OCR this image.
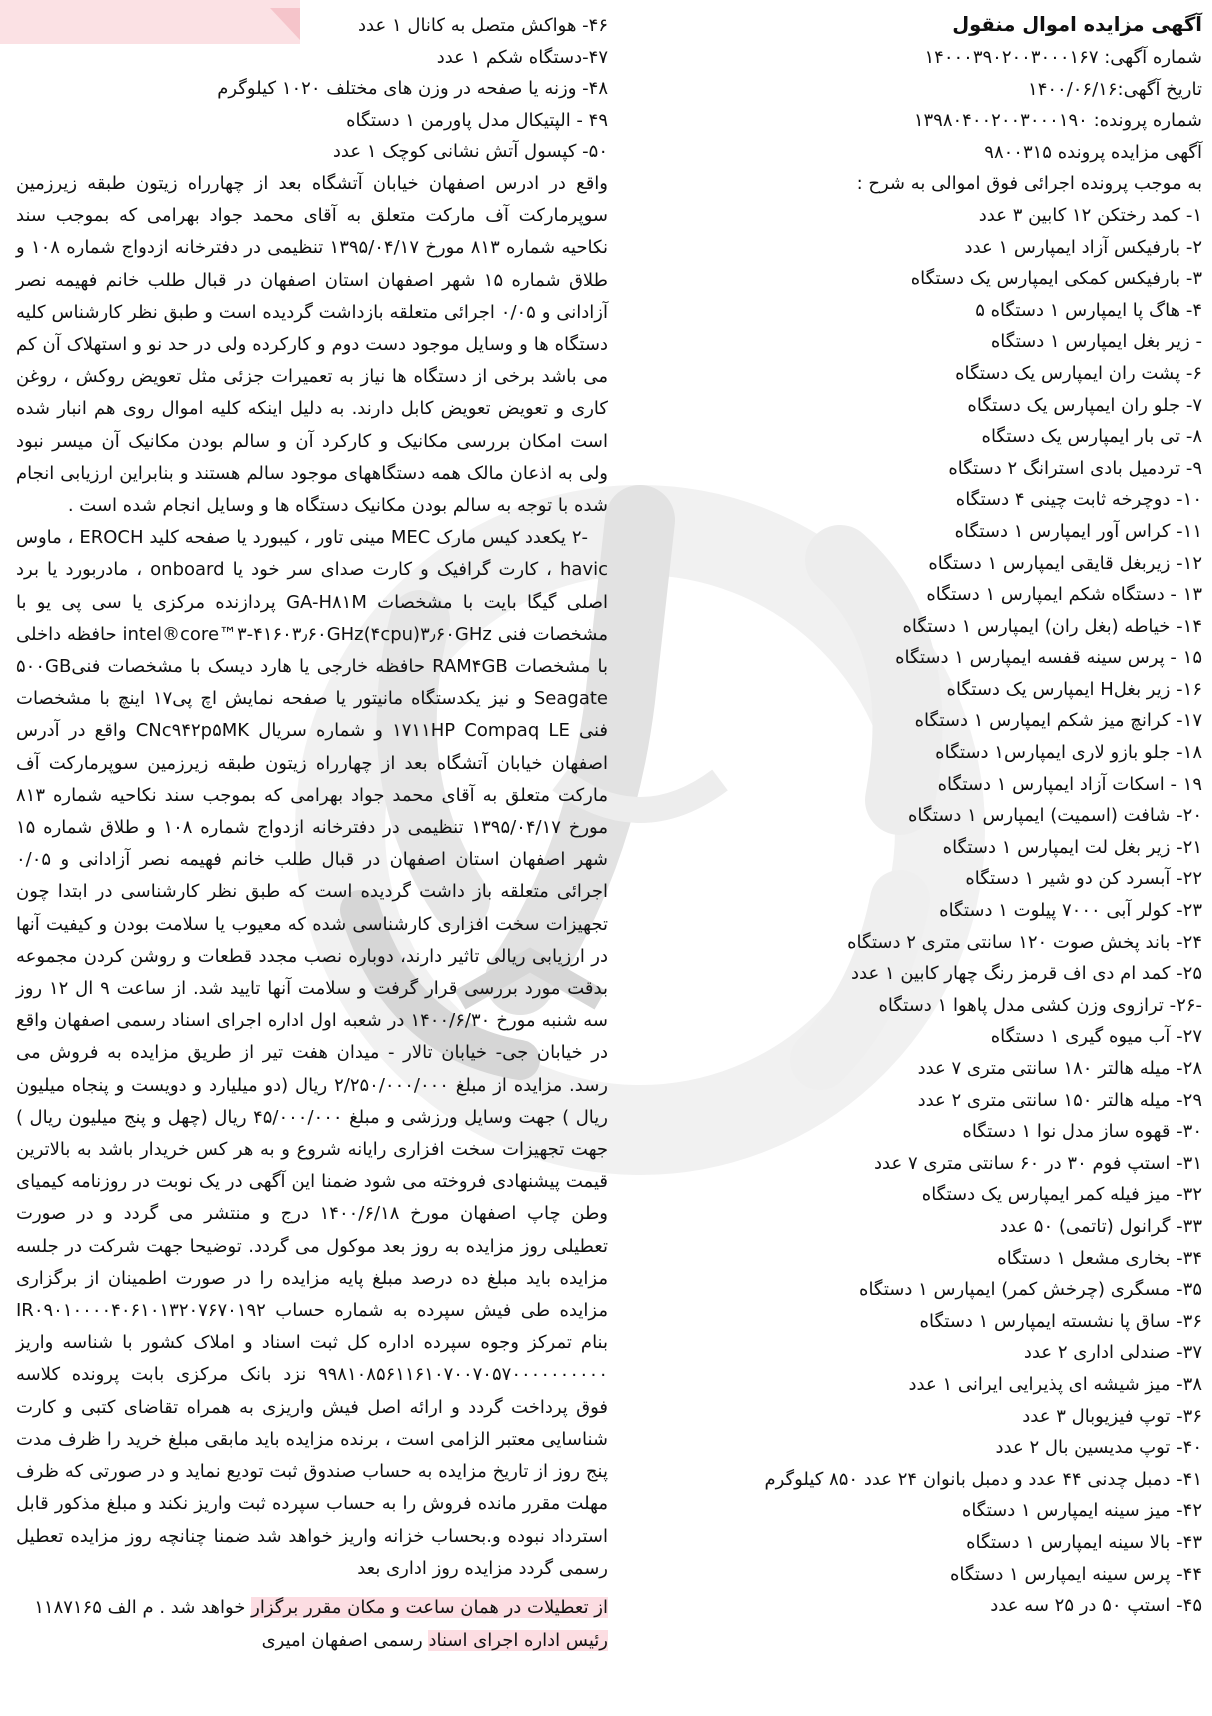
آگهی مزایده اموال منقول
شماره آگهی: ۱۴۰۰۰۳۹۰۲۰۰۳۰۰۰۱۶۷
تاریخ آگهی:۱۴۰۰/۰۶/۱۶
شماره پرونده: ۱۳۹۸۰۴۰۰۲۰۰۳۰۰۰۱۹۰
آگهی مزایده پرونده ۹۸۰۰۳۱۵
به موجب پرونده اجرائی فوق اموالی به شرح :
۱- کمد رختکن ۱۲ کابین ۳ عدد
۲- بارفیکس آزاد ایمپارس ۱ عدد
۳- بارفیکس کمکی ایمپارس یک دستگاه
۴- هاگ پا ایمپارس ۱ دستگاه ۵
- زیر بغل ایمپارس ۱ دستگاه
۶- پشت ران ایمپارس یک دستگاه
۷- جلو ران ایمپارس یک دستگاه
۸- تی بار ایمپارس یک دستگاه
۹- تردمیل بادی استرانگ ۲ دستگاه
۱۰- دوچرخه ثابت چینی ۴ دستگاه
۱۱- کراس آور ایمپارس ۱ دستگاه
۱۲- زیربغل قایقی ایمپارس ۱ دستگاه
۱۳ - دستگاه شکم ایمپارس ۱ دستگاه
۱۴- خیاطه (بغل ران) ایمپارس ۱ دستگاه
۱۵ - پرس سینه قفسه ایمپارس ۱ دستگاه
۱۶- زیر بغلH ایمپارس یک دستگاه
۱۷- کرانچ میز شکم ایمپارس ۱ دستگاه
۱۸- جلو بازو لاری ایمپارس۱ دستگاه
۱۹ - اسکات آزاد ایمپارس ۱ دستگاه
۲۰- شافت (اسمیت) ایمپارس ۱ دستگاه
۲۱- زیر بغل لت ایمپارس ۱ دستگاه
۲۲- آبسرد کن دو شیر ۱ دستگاه
۲۳- کولر آبی ۷۰۰۰ پیلوت ۱ دستگاه
۲۴- باند پخش صوت ۱۲۰ سانتی متری ۲ دستگاه
۲۵- کمد ام دی اف قرمز رنگ چهار کابین ۱ عدد
-۲۶- ترازوی وزن کشی مدل پاهوا ۱ دستگاه
۲۷- آب میوه گیری ۱ دستگاه
۲۸- میله هالتر ۱۸۰ سانتی متری ۷ عدد
۲۹- میله هالتر ۱۵۰ سانتی متری ۲ عدد
۳۰- قهوه ساز مدل نوا ۱ دستگاه
۳۱- استپ فوم ۳۰ در ۶۰ سانتی متری ۷ عدد
۳۲- میز فیله کمر ایمپارس یک دستگاه
۳۳- گرانول (تاتمی) ۵۰ عدد
۳۴- بخاری مشعل ۱ دستگاه
۳۵- مسگری (چرخش کمر) ایمپارس ۱ دستگاه
۳۶- ساق پا نشسته ایمپارس ۱ دستگاه
۳۷- صندلی اداری ۲ عدد
۳۸- میز شیشه ای پذیرایی ایرانی ۱ عدد
۳۶- توپ فیزیوبال ۳ عدد
۴۰- توپ مدیسین بال ۲ عدد
۴۱- دمبل چدنی ۴۴ عدد و دمبل بانوان ۲۴ عدد ۸۵۰ کیلوگرم
۴۲- میز سینه ایمپارس ۱ دستگاه
۴۳- بالا سینه ایمپارس ۱ دستگاه
۴۴- پرس سینه ایمپارس ۱ دستگاه
۴۵- استپ ۵۰ در ۲۵ سه عدد
۴۶- هواکش متصل به کانال ۱ عدد
۴۷-دستگاه شکم ۱ عدد
۴۸- وزنه یا صفحه در وزن های مختلف ۱۰۲۰ کیلوگرم
۴۹ - الپتیکال مدل پاورمن ۱ دستگاه
۵۰- کپسول آتش نشانی کوچک ۱ عدد

واقع در ادرس اصفهان خیابان آتشگاه بعد از چهارراه زیتون طبقه زیرزمین سوپرمارکت آف مارکت متعلق به آقای محمد جواد بهرامی که بموجب سند نکاحیه شماره ۸۱۳ مورخ ۱۳۹۵/۰۴/۱۷ تنظیمی در دفترخانه ازدواج شماره ۱۰۸ و طلاق شماره ۱۵ شهر اصفهان استان اصفهان در قبال طلب خانم فهیمه نصر آزادانی و ۰/۰۵ اجرائی متعلقه بازداشت گردیده است و طبق نظر کارشناس کلیه دستگاه ها و وسایل موجود دست دوم و کارکرده ولی در حد نو و استهلاک آن کم می باشد برخی از دستگاه ها نیاز به تعمیرات جزئی مثل تعویض روکش ، روغن کاری و تعویض تعویض کابل دارند. به دلیل اینکه کلیه اموال روی هم انبار شده است امکان بررسی مکانیک و کارکرد آن و سالم بودن مکانیک آن میسر نبود ولی به اذعان مالک همه دستگاههای موجود سالم هستند و بنابراین ارزیابی انجام شده با توجه به سالم بودن مکانیک دستگاه ها و وسایل انجام شده است .

-۲ یکعدد کیس مارک MEC مینی تاور ، کیبورد یا صفحه کلید EROCH ، ماوس havic ، کارت گرافیک و کارت صدای سر خود یا onboard ، مادربورد یا برد اصلی گیگا بایت با مشخصات GA-H۸۱M پردازنده مرکزی یا سی پی یو با مشخصات فنی intel®core™۳-۴۱۶۰۳٫۶۰GHz(۴cpu)۳٫۶۰GHz حافظه داخلی با مشخصات RAM۴GB حافظه خارجی یا هارد دیسک با مشخصات فنی۵۰۰GB Seagate و نیز یکدستگاه مانیتور یا صفحه نمایش اچ پی۱۷ اینچ با مشخصات فنی ۱۷۱۱HP Compaq LE و شماره سریال CNc۹۴۲p۵MK واقع در آدرس اصفهان خیابان آتشگاه بعد از چهارراه زیتون طبقه زیرزمین سوپرمارکت آف مارکت متعلق به آقای محمد جواد بهرامی که بموجب سند نکاحیه شماره ۸۱۳ مورخ ۱۳۹۵/۰۴/۱۷ تنظیمی در دفترخانه ازدواج شماره ۱۰۸ و طلاق شماره ۱۵ شهر اصفهان استان اصفهان در قبال طلب خانم فهیمه نصر آزادانی و ۰/۰۵ اجرائی متعلقه باز داشت گردیده است که طبق نظر کارشناسی در ابتدا چون تجهیزات سخت افزاری کارشناسی شده که معیوب یا سلامت بودن و کیفیت آنها در ارزیابی ریالی تاثیر دارند، دوباره نصب مجدد قطعات و روشن کردن مجموعه بدقت مورد بررسی قرار گرفت و سلامت آنها تایید شد. از ساعت ۹ ال ۱۲ روز سه شنبه مورخ ۱۴۰۰/۶/۳۰ در شعبه اول اداره اجرای اسناد رسمی اصفهان واقع در خیابان جی- خیابان تالار - میدان هفت تیر از طریق مزایده به فروش می رسد. مزایده از مبلغ ۲/۲۵۰/۰۰۰/۰۰۰ ریال (دو میلیارد و دویست و پنجاه میلیون ریال ) جهت وسایل ورزشی و مبلغ ۴۵/۰۰۰/۰۰۰ ریال (چهل و پنج میلیون ریال ) جهت تجهیزات سخت افزاری رایانه شروع و به هر کس خریدار باشد به بالاترین قیمت پیشنهادی فروخته می شود ضمنا این آگهی در یک نوبت در روزنامه کیمیای وطن چاپ اصفهان مورخ ۱۴۰۰/۶/۱۸ درج و منتشر می گردد و در صورت تعطیلی روز مزایده به روز بعد موکول می گردد. توضیحا جهت شرکت در جلسه مزایده باید مبلغ ده درصد مبلغ پایه مزایده را در صورت اطمینان از برگزاری مزایده طی فیش سپرده به شماره حساب IR۰۹۰۱۰۰۰۰۴۰۶۱۰۱۳۲۰۷۶۷۰۱۹۲ بنام تمرکز وجوه سپرده اداره کل ثبت اسناد و املاک کشور با شناسه واریز ۹۹۸۱۰۸۵۶۱۱۶۱۰۷۰۰۷۰۵۷۰۰۰۰۰۰۰۰۰۰ نزد بانک مرکزی بابت پرونده کلاسه فوق پرداخت گردد و ارائه اصل فیش واریزی به همراه تقاضای کتبی و کارت شناسایی معتبر الزامی است ، برنده مزایده باید مابقی مبلغ خرید را ظرف مدت پنج روز از تاریخ مزایده به حساب صندوق ثبت تودیع نماید و در صورتی که ظرف مهلت مقرر مانده فروش را به حساب سپرده ثبت واریز نکند و مبلغ مذکور قابل استرداد نبوده و.بحساب خزانه واریز خواهد شد ضمنا چنانچه روز مزایده تعطیل رسمی گردد مزایده روز اداری بعد

از تعطیلات در همان ساعت و مکان مقرر برگزار خواهد شد . م الف ۱۱۸۷۱۶۵
رئیس اداره اجرای اسناد رسمی اصفهان امیری
